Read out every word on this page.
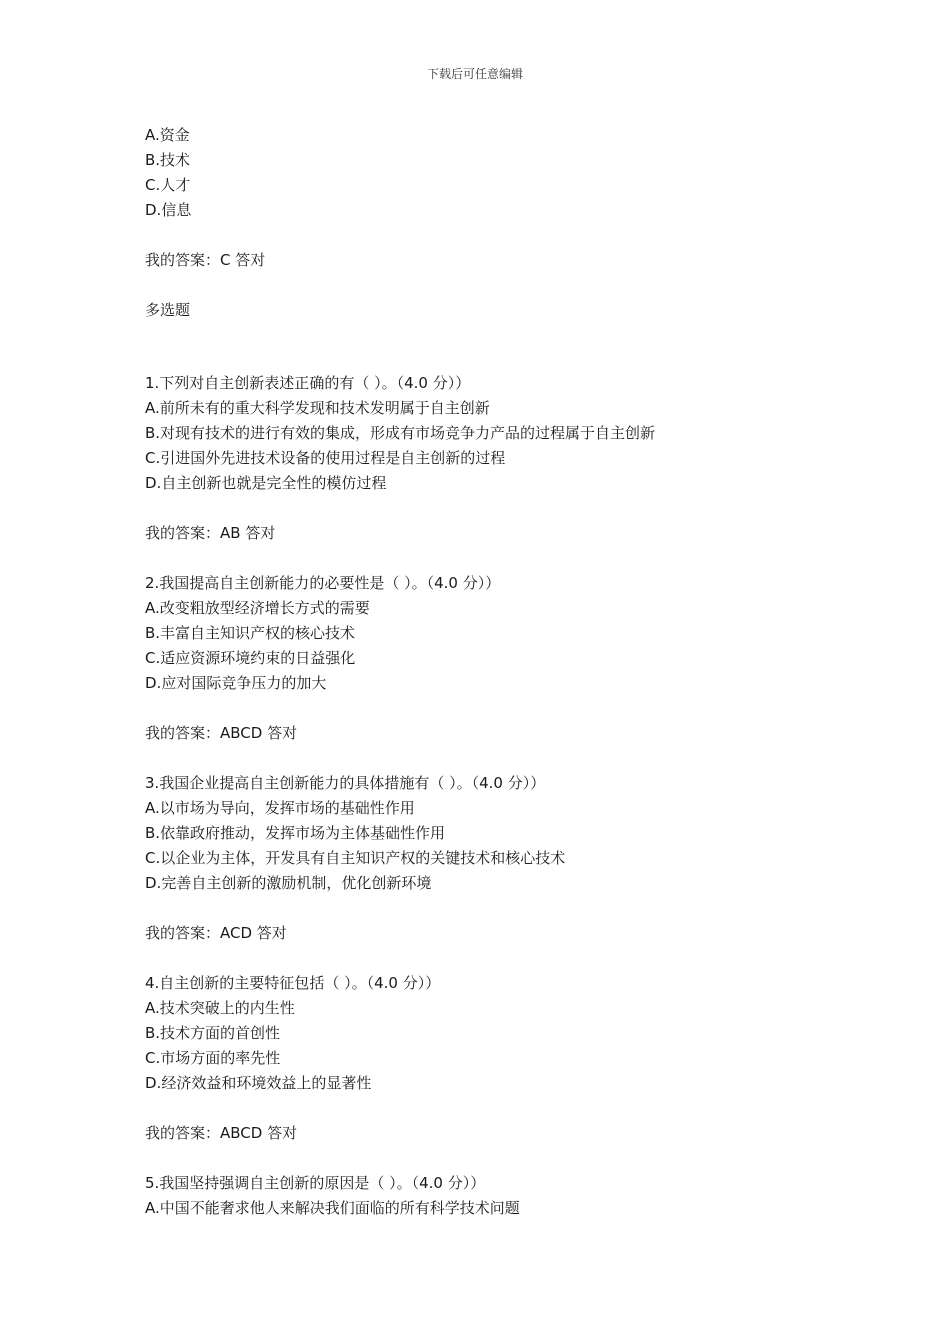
下载后可任意编辑
A.资金
B.技术
C.人才
D.信息
我的答案：C 答对
多选题
1.下列对自主创新表述正确的有（ ）。（4.0 分））
A.前所未有的重大科学发现和技术发明属于自主创新
B.对现有技术的进行有效的集成，形成有市场竞争力产品的过程属于自主创新
C.引进国外先进技术设备的使用过程是自主创新的过程
D.自主创新也就是完全性的模仿过程
我的答案：AB 答对
2.我国提高自主创新能力的必要性是（ ）。（4.0 分））
A.改变粗放型经济增长方式的需要
B.丰富自主知识产权的核心技术
C.适应资源环境约束的日益强化
D.应对国际竞争压力的加大
我的答案：ABCD 答对
3.我国企业提高自主创新能力的具体措施有（ ）。（4.0 分））
A.以市场为导向，发挥市场的基础性作用
B.依靠政府推动，发挥市场为主体基础性作用
C.以企业为主体，开发具有自主知识产权的关键技术和核心技术
D.完善自主创新的激励机制，优化创新环境
我的答案：ACD 答对
4.自主创新的主要特征包括（ ）。（4.0 分））
A.技术突破上的内生性
B.技术方面的首创性
C.市场方面的率先性
D.经济效益和环境效益上的显著性
我的答案：ABCD 答对
5.我国坚持强调自主创新的原因是（ ）。（4.0 分））
A.中国不能奢求他人来解决我们面临的所有科学技术问题
